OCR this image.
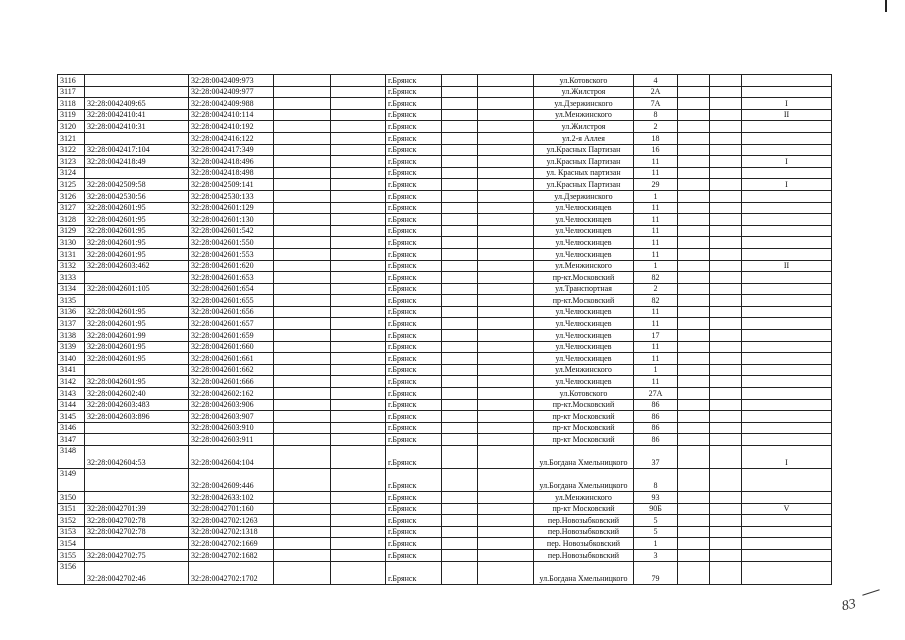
3116		32:28:0042409:973			г.Брянск			ул.Котовского	4			
3117		32:28:0042409:977			г.Брянск			ул.Жилстроя	2А			
3118	32:28:0042409:65	32:28:0042409:988			г.Брянск			ул.Дзержинского	7А			I
3119	32:28:0042410:41	32:28:0042410:114			г.Брянск			ул.Менжинского	8			II
3120	32:28:0042410:31	32:28:0042410:192			г.Брянск			ул.Жилстроя	2			
3121		32:28:0042416:122			г.Брянск			ул.2-я Аллея	18			
3122	32:28:0042417:104	32:28:0042417:349			г.Брянск			ул.Красных Партизан	16			
3123	32:28:0042418:49	32:28:0042418:496			г.Брянск			ул.Красных Партизан	11			I
3124		32:28:0042418:498			г.Брянск			ул. Красных партизан	11			
3125	32:28:0042509:58	32:28:0042509:141			г.Брянск			ул.Красных Партизан	29			I
3126	32:28:0042530:56	32:28:0042530:133			г.Брянск			ул.Дзержинского	1			
3127	32:28:0042601:95	32:28:0042601:129			г.Брянск			ул.Челюскинцев	11			
3128	32:28:0042601:95	32:28:0042601:130			г.Брянск			ул.Челюскинцев	11			
3129	32:28:0042601:95	32:28:0042601:542			г.Брянск			ул.Челюскинцев	11			
3130	32:28:0042601:95	32:28:0042601:550			г.Брянск			ул.Челюскинцев	11			
3131	32:28:0042601:95	32:28:0042601:553			г.Брянск			ул.Челюскинцев	11			
3132	32:28:0042603:462	32:28:0042601:620			г.Брянск			ул.Менжинского	1			II
3133		32:28:0042601:653			г.Брянск			пр-кт.Московский	82			
3134	32:28:0042601:105	32:28:0042601:654			г.Брянск			ул.Транспортная	2			
3135		32:28:0042601:655			г.Брянск			пр-кт.Московский	82			
3136	32:28:0042601:95	32:28:0042601:656			г.Брянск			ул.Челюскинцев	11			
3137	32:28:0042601:95	32:28:0042601:657			г.Брянск			ул.Челюскинцев	11			
3138	32:28:0042601:99	32:28:0042601:659			г.Брянск			ул.Челюскинцев	17			
3139	32:28:0042601:95	32:28:0042601:660			г.Брянск			ул.Челюскинцев	11			
3140	32:28:0042601:95	32:28:0042601:661			г.Брянск			ул.Челюскинцев	11			
3141		32:28:0042601:662			г.Брянск			ул.Менжинского	1			
3142	32:28:0042601:95	32:28:0042601:666			г.Брянск			ул.Челюскинцев	11			
3143	32:28:0042602:40	32:28:0042602:162			г.Брянск			ул.Котовского	27А			
3144	32:28:0042603:483	32:28:0042603:906			г.Брянск			пр-кт.Московский	86			
3145	32:28:0042603:896	32:28:0042603:907			г.Брянск			пр-кт Московский	86			
3146		32:28:0042603:910			г.Брянск			пр-кт Московский	86			
3147		32:28:0042603:911			г.Брянск			пр-кт Московский	86			
3148	32:28:0042604:53	32:28:0042604:104			г.Брянск			ул.Богдана Хмельницкого	37			I
3149		32:28:0042609:446			г.Брянск			ул.Богдана Хмельницкого	8			
3150		32:28:0042633:102			г.Брянск			ул.Менжинского	93			
3151	32:28:0042701:39	32:28:0042701:160			г.Брянск			пр-кт Московский	90Б			V
3152	32:28:0042702:78	32:28:0042702:1263			г.Брянск			пер.Новозыбковский	5			
3153	32:28:0042702:78	32:28:0042702:1318			г.Брянск			пер.Новозыбковский	5			
3154		32:28:0042702:1669			г.Брянск			пер. Новозыбковский	1			
3155	32:28:0042702:75	32:28:0042702:1682			г.Брянск			пер.Новозыбковский	3			
3156	32:28:0042702:46	32:28:0042702:1702			г.Брянск			ул.Богдана Хмельницкого	79			
83
